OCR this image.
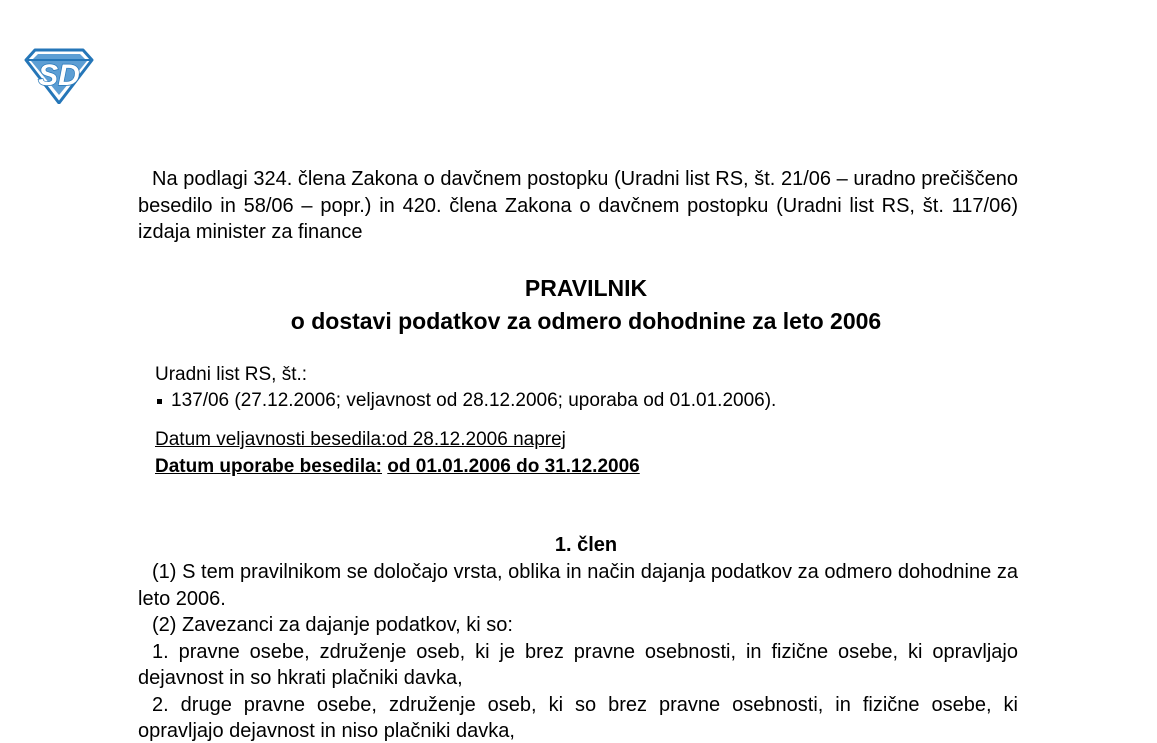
SD
Na podlagi 324. člena Zakona o davčnem postopku (Uradni list RS, št. 21/06 – uradno prečiščeno besedilo in 58/06 – popr.) in 420. člena Zakona o davčnem postopku (Uradni list RS, št. 117/06) izdaja minister za finance
PRAVILNIK
o dostavi podatkov za odmero dohodnine za leto 2006
Uradni list RS, št.:
137/06 (27.12.2006; veljavnost od 28.12.2006; uporaba od 01.01.2006).
Datum veljavnosti besedila:od 28.12.2006 naprej
Datum uporabe besedila: od 01.01.2006 do 31.12.2006
1. člen

(1) S tem pravilnikom se določajo vrsta, oblika in način dajanja podatkov za odmero dohodnine za leto 2006.

(2) Zavezanci za dajanje podatkov, ki so:

1. pravne osebe, združenje oseb, ki je brez pravne osebnosti, in fizične osebe, ki opravljajo dejavnost in so hkrati plačniki davka,

2. druge pravne osebe, združenje oseb, ki so brez pravne osebnosti, in fizične osebe, ki opravljajo dejavnost in niso plačniki davka,
